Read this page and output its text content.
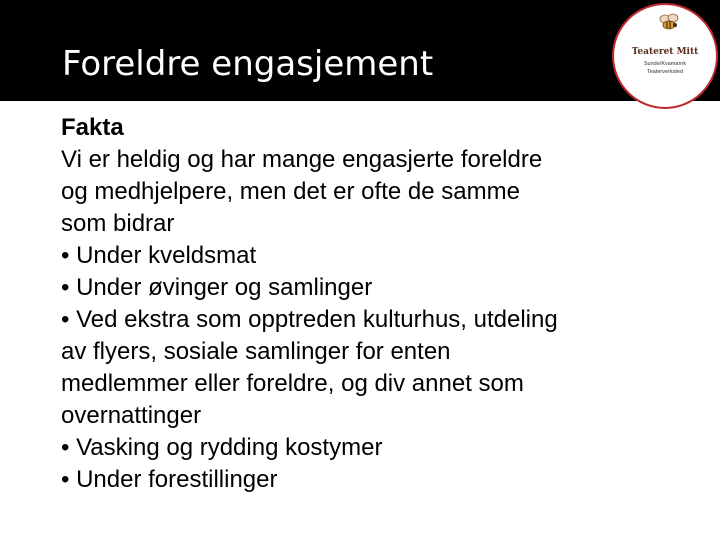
Foreldre engasjement	Teateret Mitt
Sunde/Kvamarnk
Teaterverksted
Fakta
Vi er heldig og har mange engasjerte foreldre
og medhjelpere, men det er ofte de samme
som bidrar
• Under kveldsmat
• Under øvinger og samlinger
• Ved ekstra som opptreden kulturhus, utdeling
av flyers, sosiale samlinger for enten
medlemmer eller foreldre, og div annet som
overnattinger
• Vasking og rydding kostymer
• Under forestillinger
